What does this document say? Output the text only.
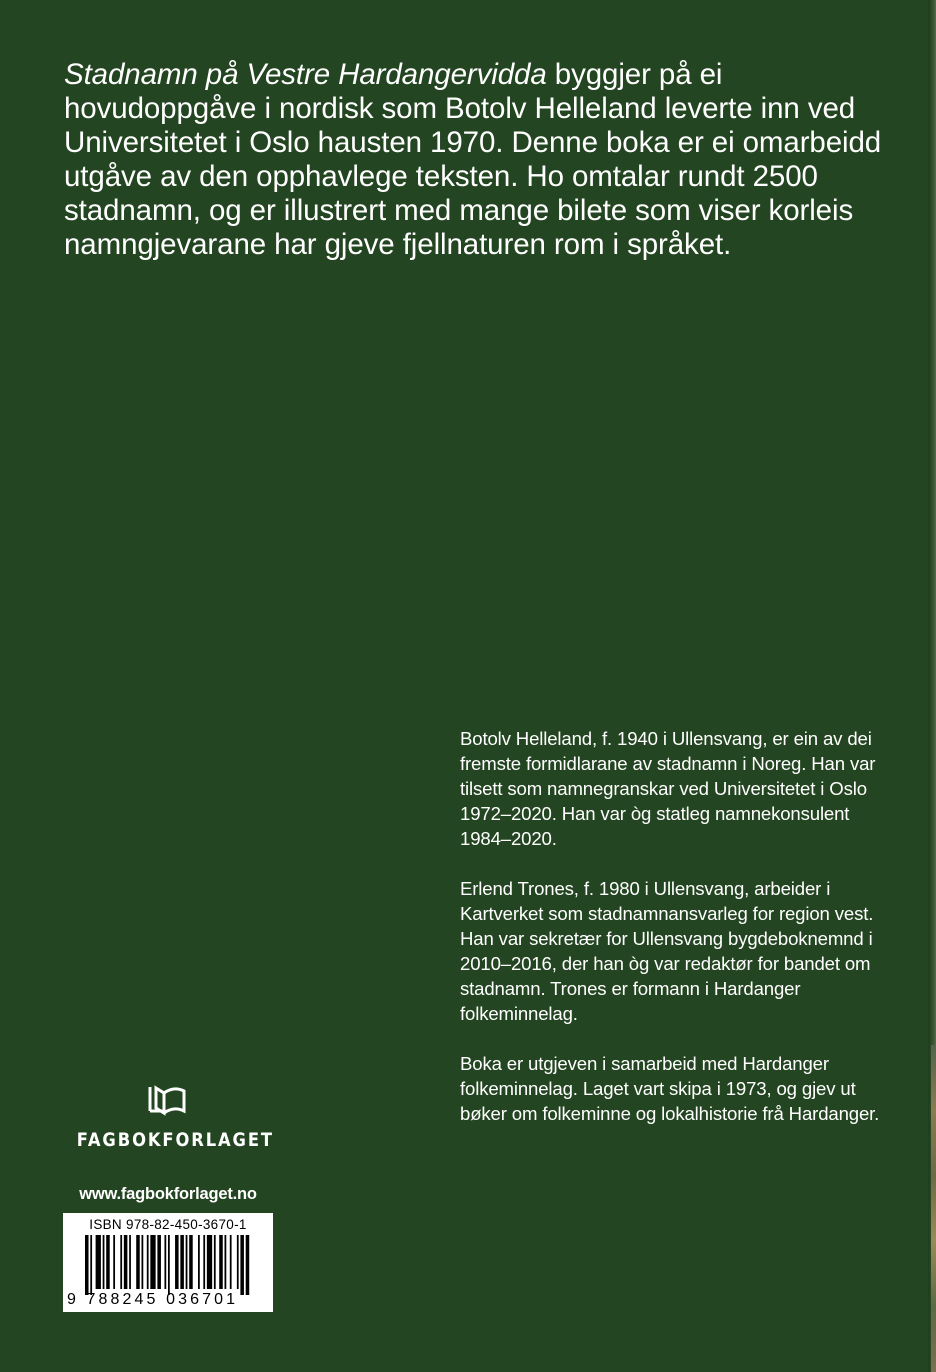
Stadnamn på Vestre Hardangervidda byggjer på ei hovudoppgåve i nordisk som Botolv Helleland leverte inn ved Universitetet i Oslo hausten 1970. Denne boka er ei omarbeidd utgåve av den opphavlege teksten. Ho omtalar rundt 2500 stadnamn, og er illustrert med mange bilete som viser korleis namngjevarane har gjeve fjellnaturen rom i språket.

Botolv Helleland, f. 1940 i Ullensvang, er ein av dei fremste formidlarane av stadnamn i Noreg. Han var tilsett som namnegranskar ved Universitetet i Oslo 1972–2020. Han var òg statleg namnekonsulent 1984–2020.

Erlend Trones, f. 1980 i Ullensvang, arbeider i Kartverket som stadnamnansvarleg for region vest. Han var sekretær for Ullensvang bygdeboknemnd i 2010–2016, der han òg var redaktør for bandet om stadnamn. Trones er formann i Hardanger folkeminnelag.

Boka er utgjeven i samarbeid med Hardanger folkeminnelag. Laget vart skipa i 1973, og gjev ut bøker om folkeminne og lokalhistorie frå Hardanger.

FAGBOKFORLAGET
www.fagbokforlaget.no
ISBN 978-82-450-3670-1
9 788245 036701
